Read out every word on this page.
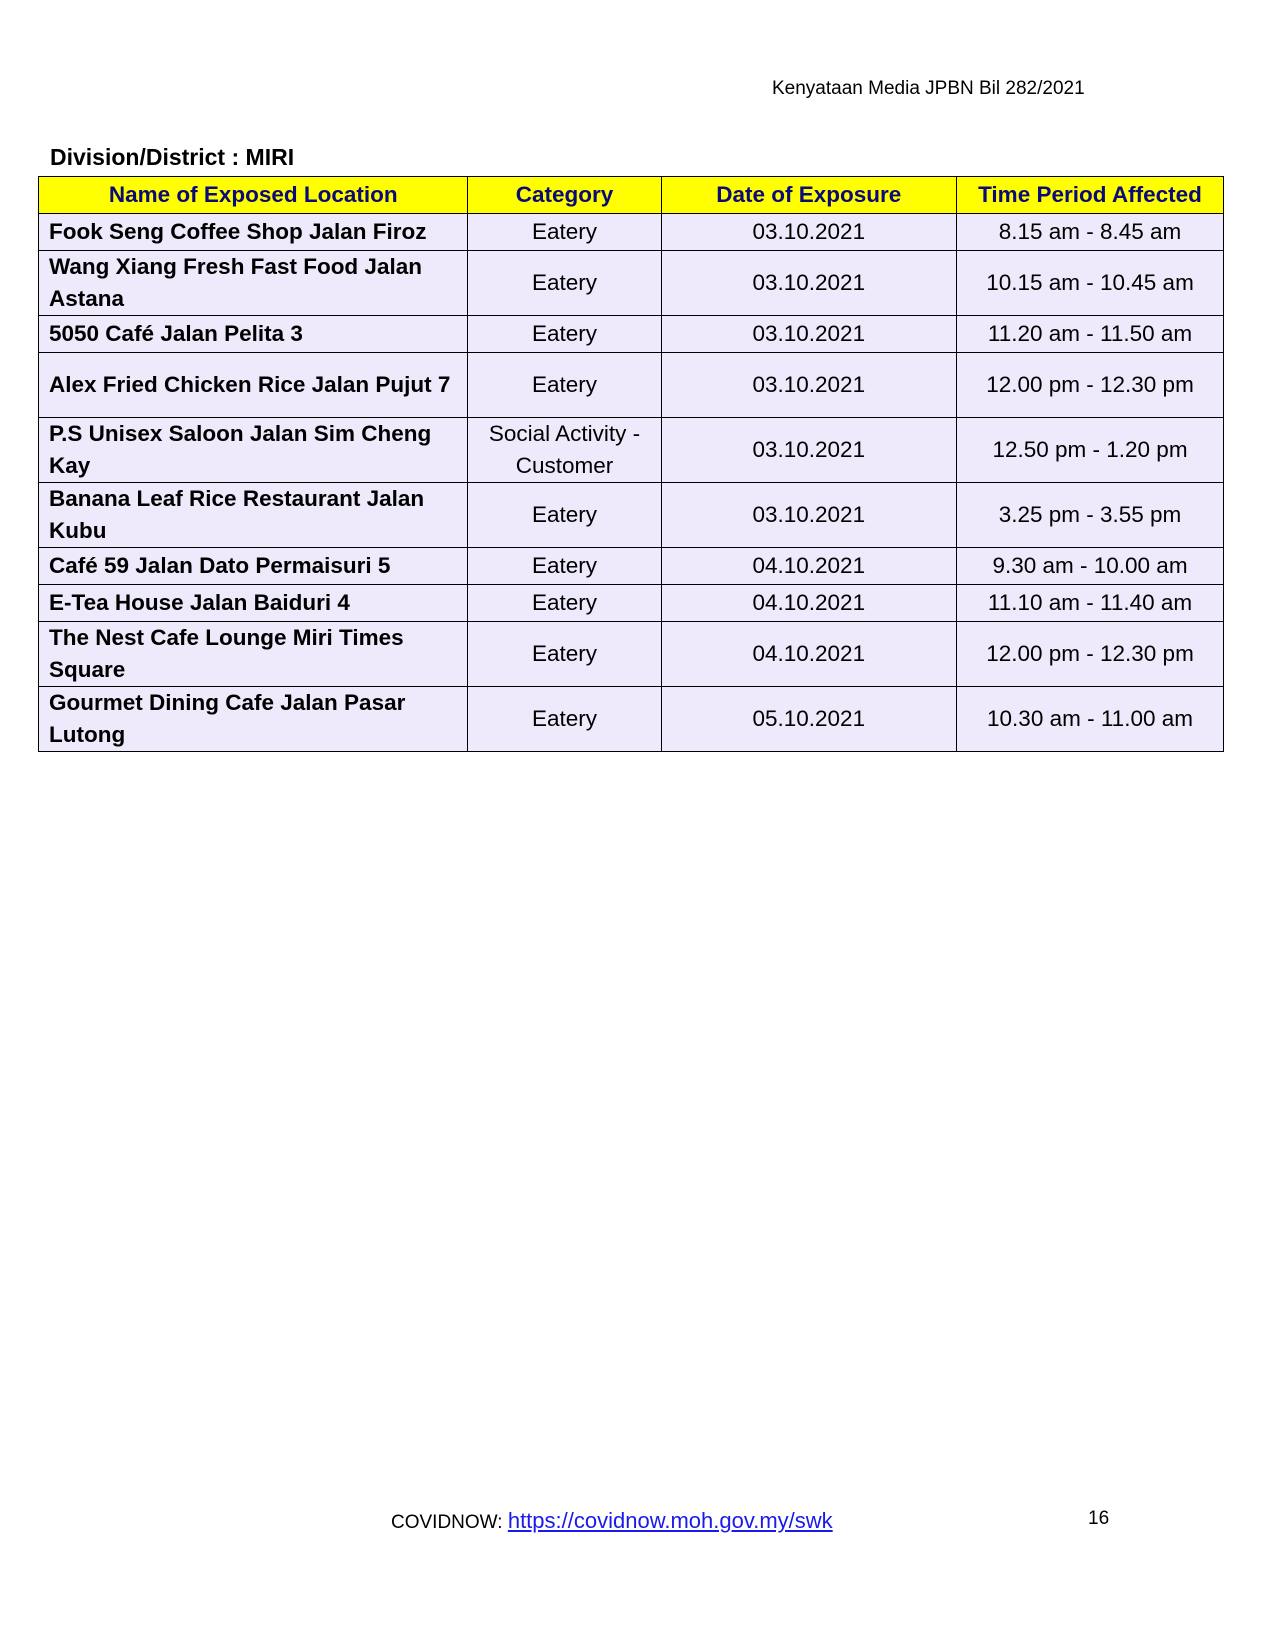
Kenyataan Media JPBN Bil 282/2021
Division/District : MIRI
Name of Exposed Location	Category	Date of Exposure	Time Period Affected
Fook Seng Coffee Shop Jalan Firoz	Eatery	03.10.2021	8.15 am - 8.45 am
Wang Xiang Fresh Fast Food Jalan Astana	Eatery	03.10.2021	10.15 am - 10.45 am
5050 Café Jalan Pelita 3	Eatery	03.10.2021	11.20 am - 11.50 am
Alex Fried Chicken Rice Jalan Pujut 7	Eatery	03.10.2021	12.00 pm - 12.30 pm
P.S Unisex Saloon Jalan Sim Cheng Kay	Social Activity - Customer	03.10.2021	12.50 pm - 1.20 pm
Banana Leaf Rice Restaurant Jalan Kubu	Eatery	03.10.2021	3.25 pm - 3.55 pm
Café 59 Jalan Dato Permaisuri 5	Eatery	04.10.2021	9.30 am - 10.00 am
E-Tea House Jalan Baiduri 4	Eatery	04.10.2021	11.10 am - 11.40 am
The Nest Cafe Lounge Miri Times Square	Eatery	04.10.2021	12.00 pm - 12.30 pm
Gourmet Dining Cafe Jalan Pasar Lutong	Eatery	05.10.2021	10.30 am - 11.00 am
COVIDNOW: https://covidnow.moh.gov.my/swk	16
